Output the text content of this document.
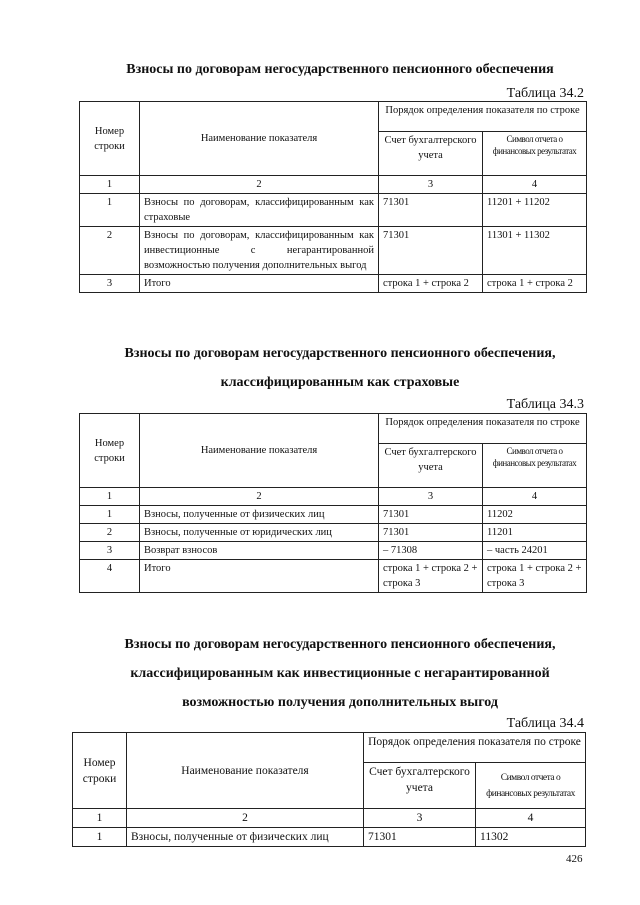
Взносы по договорам негосударственного пенсионного обеспечения
Таблица 34.2
Номер строки	Наименование показателя	Порядок определения показателя по строке	
		Счет бухгалтерского учета	Символ отчета о финансовых результатах
1	2	3	4
1	Взносы по договорам, классифицированным как страховые	71301	11201 + 11202
2	Взносы по договорам, классифицированным как инвестиционные с негарантированной возможностью получения дополнительных выгод	71301	11301 + 11302
3	Итого	строка 1 + строка 2	строка 1 + строка 2
Взносы по договорам негосударственного пенсионного обеспечения,
классифицированным как страховые
Таблица 34.3
Номер строки	Наименование показателя	Порядок определения показателя по строке	
		Счет бухгалтерского учета	Символ отчета о финансовых результатах
1	2	3	4
1	Взносы, полученные от физических лиц	71301	11202
2	Взносы, полученные от юридических лиц	71301	11201
3	Возврат взносов	– 71308	– часть 24201
4	Итого	строка 1 + строка 2 + строка 3	строка 1 + строка 2 + строка 3
Взносы по договорам негосударственного пенсионного обеспечения,
классифицированным как инвестиционные с негарантированной
возможностью получения дополнительных выгод
Таблица 34.4
Номер строки	Наименование показателя	Порядок определения показателя по строке	
		Счет бухгалтерского учета	Символ отчета о финансовых результатах
1	2	3	4
1	Взносы, полученные от физических лиц	71301	11302
426
